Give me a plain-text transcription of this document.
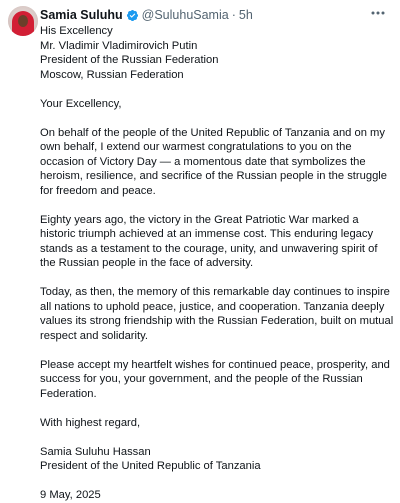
Samia Suluhu @SuluhuSamia · 5h

His Excellency

Mr. Vladimir Vladimirovich Putin

President of the Russian Federation

Moscow, Russian Federation

Your Excellency,

On behalf of the people of the United Republic of Tanzania and on my own behalf, I extend our warmest congratulations to you on the occasion of Victory Day — a momentous date that symbolizes the heroism, resilience, and secrifice of the Russian people in the struggle for freedom and peace.

Eighty years ago, the victory in the Great Patriotic War marked a historic triumph achieved at an immense cost. This enduring legacy stands as a testament to the courage, unity, and unwavering spirit of the Russian people in the face of adversity.

Today, as then, the memory of this remarkable day continues to inspire all nations to uphold peace, justice, and cooperation. Tanzania deeply values its strong friendship with the Russian Federation, built on mutual respect and solidarity.

Please accept my heartfelt wishes for continued peace, prosperity, and success for you, your government, and the people of the Russian Federation.

With highest regard,

Samia Suluhu Hassan

President of the United Republic of Tanzania

9 May, 2025
